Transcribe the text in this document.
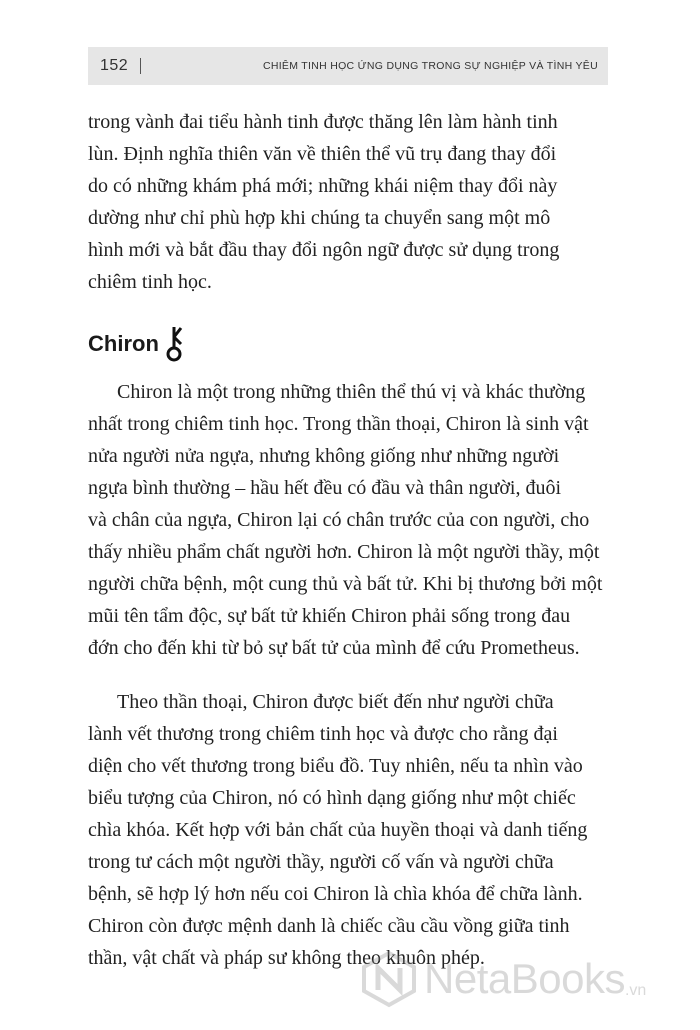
152	CHIÊM TINH HỌC ỨNG DỤNG TRONG SỰ NGHIỆP VÀ TÌNH YÊU

trong vành đai tiểu hành tinh được thăng lên làm hành tinh
lùn. Định nghĩa thiên văn về thiên thể vũ trụ đang thay đổi
do có những khám phá mới; những khái niệm thay đổi này
dường như chỉ phù hợp khi chúng ta chuyển sang một mô
hình mới và bắt đầu thay đổi ngôn ngữ được sử dụng trong
chiêm tinh học.

Chiron

Chiron là một trong những thiên thể thú vị và khác thường
nhất trong chiêm tinh học. Trong thần thoại, Chiron là sinh vật
nửa người nửa ngựa, nhưng không giống như những người
ngựa bình thường – hầu hết đều có đầu và thân người, đuôi
và chân của ngựa, Chiron lại có chân trước của con người, cho
thấy nhiều phẩm chất người hơn. Chiron là một người thầy, một
người chữa bệnh, một cung thủ và bất tử. Khi bị thương bởi một
mũi tên tẩm độc, sự bất tử khiến Chiron phải sống trong đau
đớn cho đến khi từ bỏ sự bất tử của mình để cứu Prometheus.

Theo thần thoại, Chiron được biết đến như người chữa
lành vết thương trong chiêm tinh học và được cho rằng đại
diện cho vết thương trong biểu đồ. Tuy nhiên, nếu ta nhìn vào
biểu tượng của Chiron, nó có hình dạng giống như một chiếc
chìa khóa. Kết hợp với bản chất của huyền thoại và danh tiếng
trong tư cách một người thầy, người cố vấn và người chữa
bệnh, sẽ hợp lý hơn nếu coi Chiron là chìa khóa để chữa lành.
Chiron còn được mệnh danh là chiếc cầu cầu vồng giữa tinh
thần, vật chất và pháp sư không theo khuôn phép.

NetaBooks .vn
